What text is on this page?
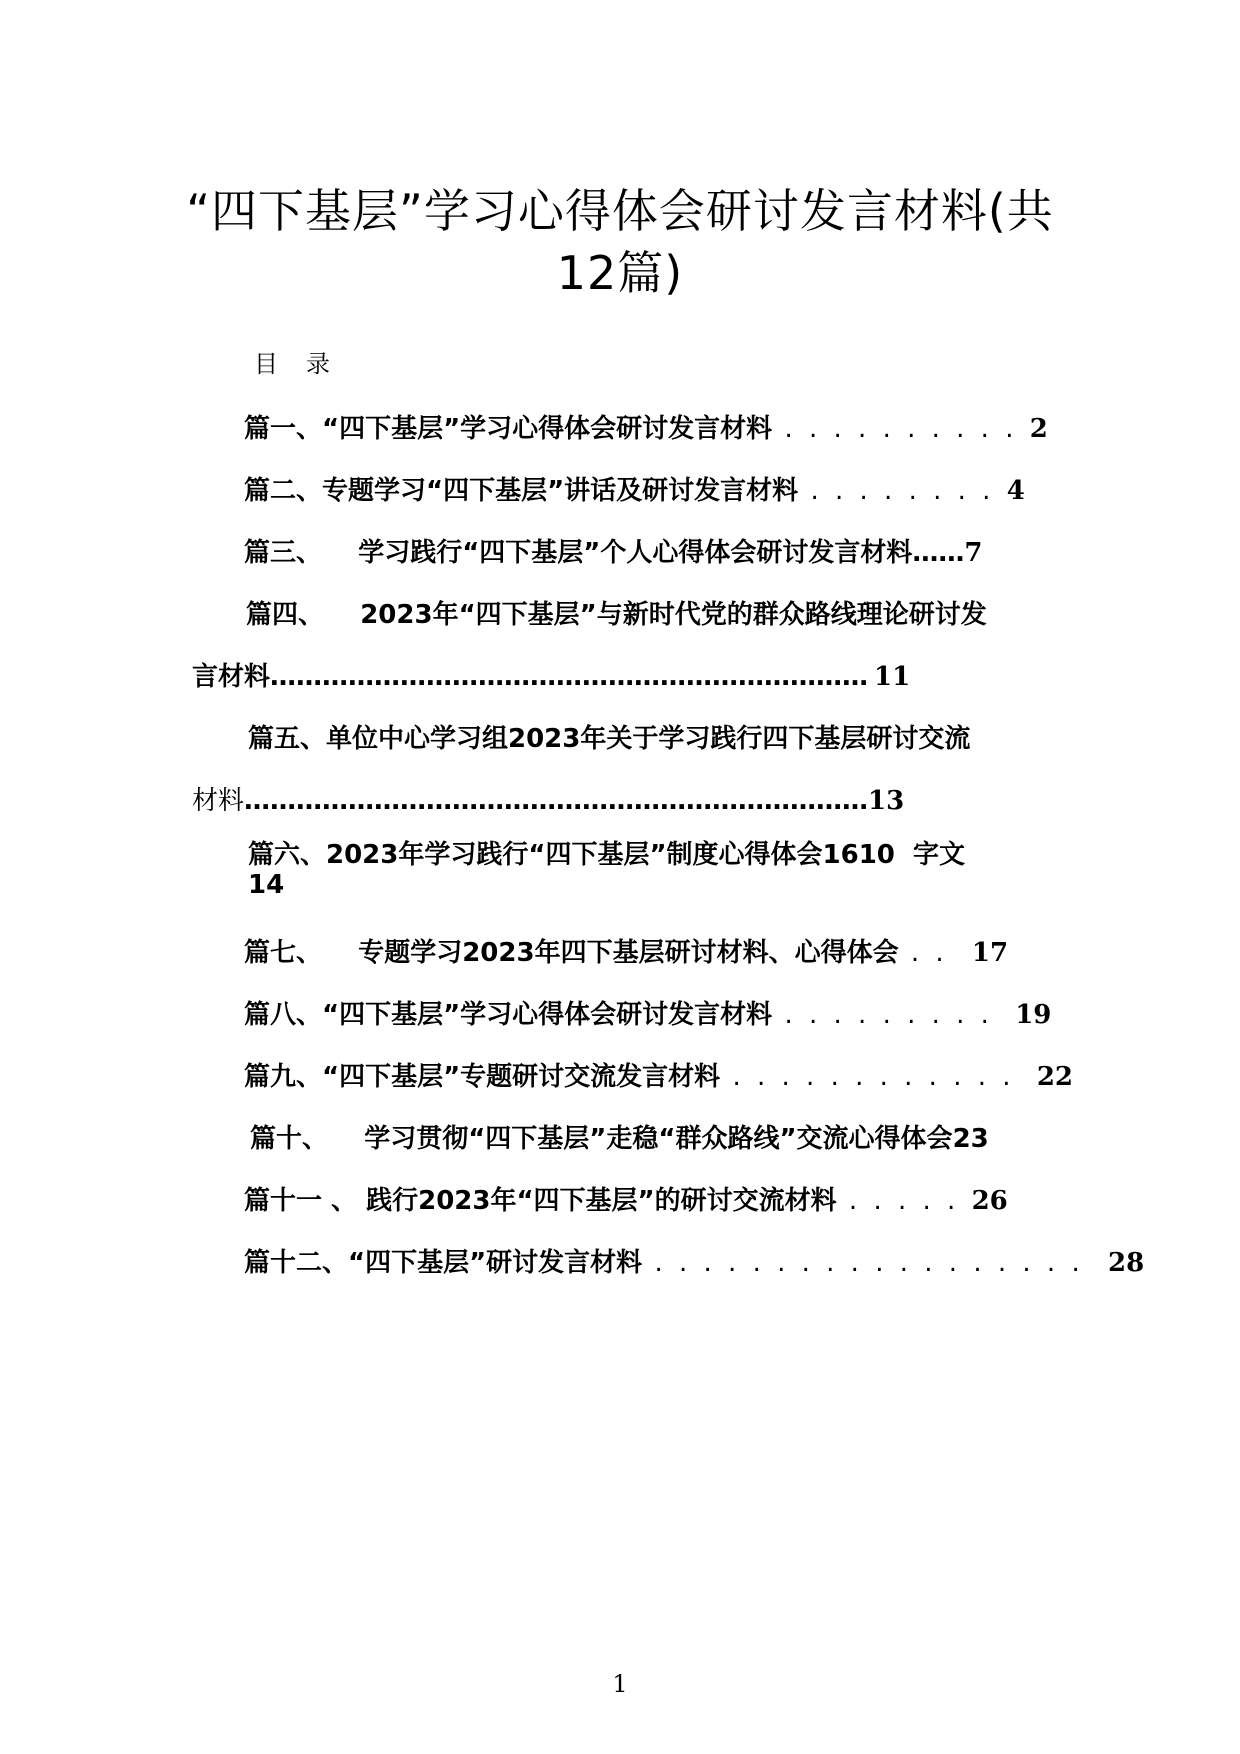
“四下基层”学习心得体会研讨发言材料(共
12篇)
目录
篇一、“四下基层”学习心得体会研讨发言材料 . . . . . . . . . . 2
篇二、专题学习“四下基层”讲话及研讨发言材料 . . . . . . . . 4
篇三、    学习践行“四下基层”个人心得体会研讨发言材料……7
篇四、    2023年“四下基层”与新时代党的群众路线理论研讨发
言材料…………………………………………………………… 11
篇五、单位中心学习组2023年关于学习践行四下基层研讨交流
材料………………………………………………………………13
篇六、2023年学习践行“四下基层”制度心得体会1610  字文
14
篇七、    专题学习2023年四下基层研讨材料、心得体会 . . 17
篇八、“四下基层”学习心得体会研讨发言材料 . . . . . . . . . 19
篇九、“四下基层”专题研讨交流发言材料 . . . . . . . . . . . . 22
篇十、    学习贯彻“四下基层”走稳“群众路线”交流心得体会23
篇十一 、 践行2023年“四下基层”的研讨交流材料 . . . . . 26
篇十二、“四下基层”研讨发言材料 . . . . . . . . . . . . . . . . . . 28
1
